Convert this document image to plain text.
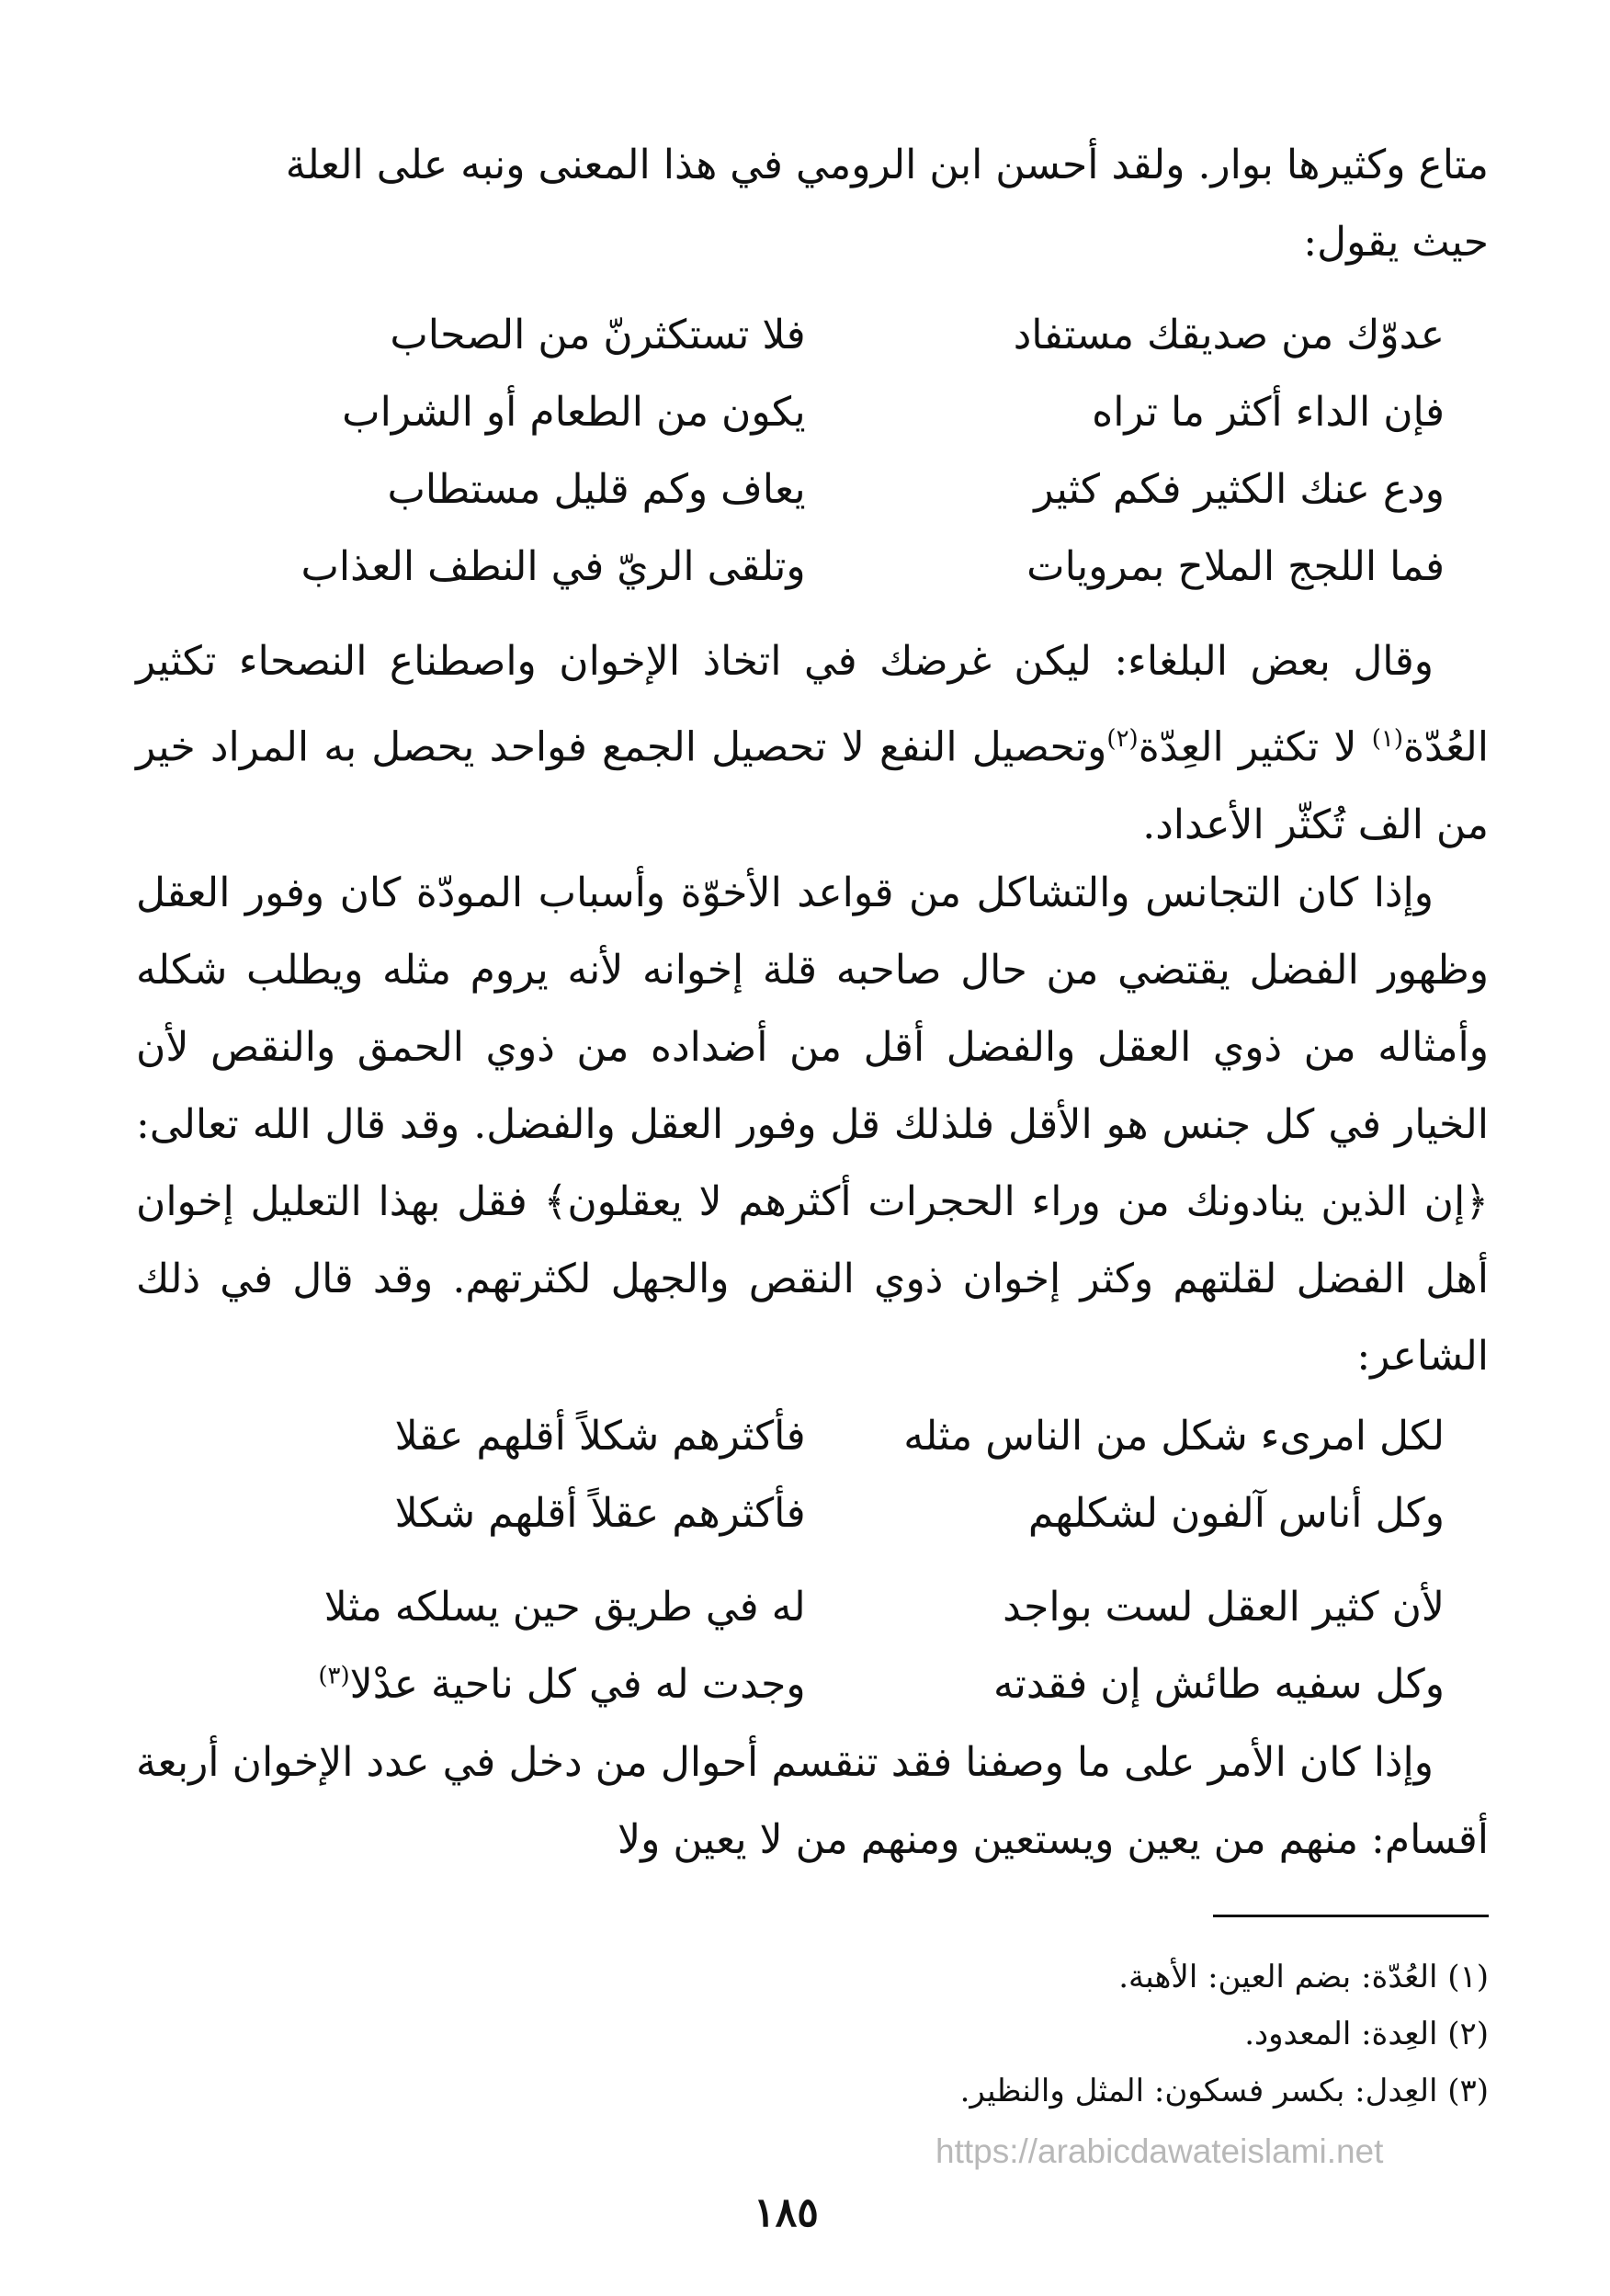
متاع وكثيرها بوار. ولقد أحسن ابن الرومي في هذا المعنى ونبه على العلة

حيث يقول:

عدوّك من صديقك مستفاد
فلا تستكثرنّ من الصحاب
فإن الداء أكثر ما تراه
يكون من الطعام أو الشراب
ودع عنك الكثير فكم كثير
يعاف وكم قليل مستطاب
فما اللجج الملاح بمرويات
وتلقى الريّ في النطف العذاب

وقال بعض البلغاء: ليكن غرضك في اتخاذ الإخوان واصطناع النصحاء تكثير العُدّة$^{(١)}$ لا تكثير العِدّة$^{(٢)}$وتحصيل النفع لا تحصيل الجمع فواحد يحصل به المراد خير من الف تُكثّر الأعداد.

وإذا كان التجانس والتشاكل من قواعد الأخوّة وأسباب المودّة كان وفور العقل وظهور الفضل يقتضي من حال صاحبه قلة إخوانه لأنه يروم مثله ويطلب شكله وأمثاله من ذوي العقل والفضل أقل من أضداده من ذوي الحمق والنقص لأن الخيار في كل جنس هو الأقل فلذلك قل وفور العقل والفضل. وقد قال الله تعالى: ﴿إن الذين ينادونك من وراء الحجرات أكثرهم لا يعقلون﴾ فقل بهذا التعليل إخوان أهل الفضل لقلتهم وكثر إخوان ذوي النقص والجهل لكثرتهم. وقد قال في ذلك الشاعر:

لكل امرىء شكل من الناس مثله
فأكثرهم شكلاً أقلهم عقلا
وكل أناس آلفون لشكلهم
فأكثرهم عقلاً أقلهم شكلا
لأن كثير العقل لست بواجد
له في طريق حين يسلكه مثلا
وكل سفيه طائش إن فقدته
وجدت له في كل ناحية عدْلا$^{(٣)}$

وإذا كان الأمر على ما وصفنا فقد تنقسم أحوال من دخل في عدد الإخوان أربعة أقسام: منهم من يعين ويستعين ومنهم من لا يعين ولا

(١) العُدّة: بضم العين: الأهبة.
(٢) العِدة: المعدود.
(٣) العِدل: بكسر فسكون: المثل والنظير.
https://arabicdawateislami.net
١٨٥
